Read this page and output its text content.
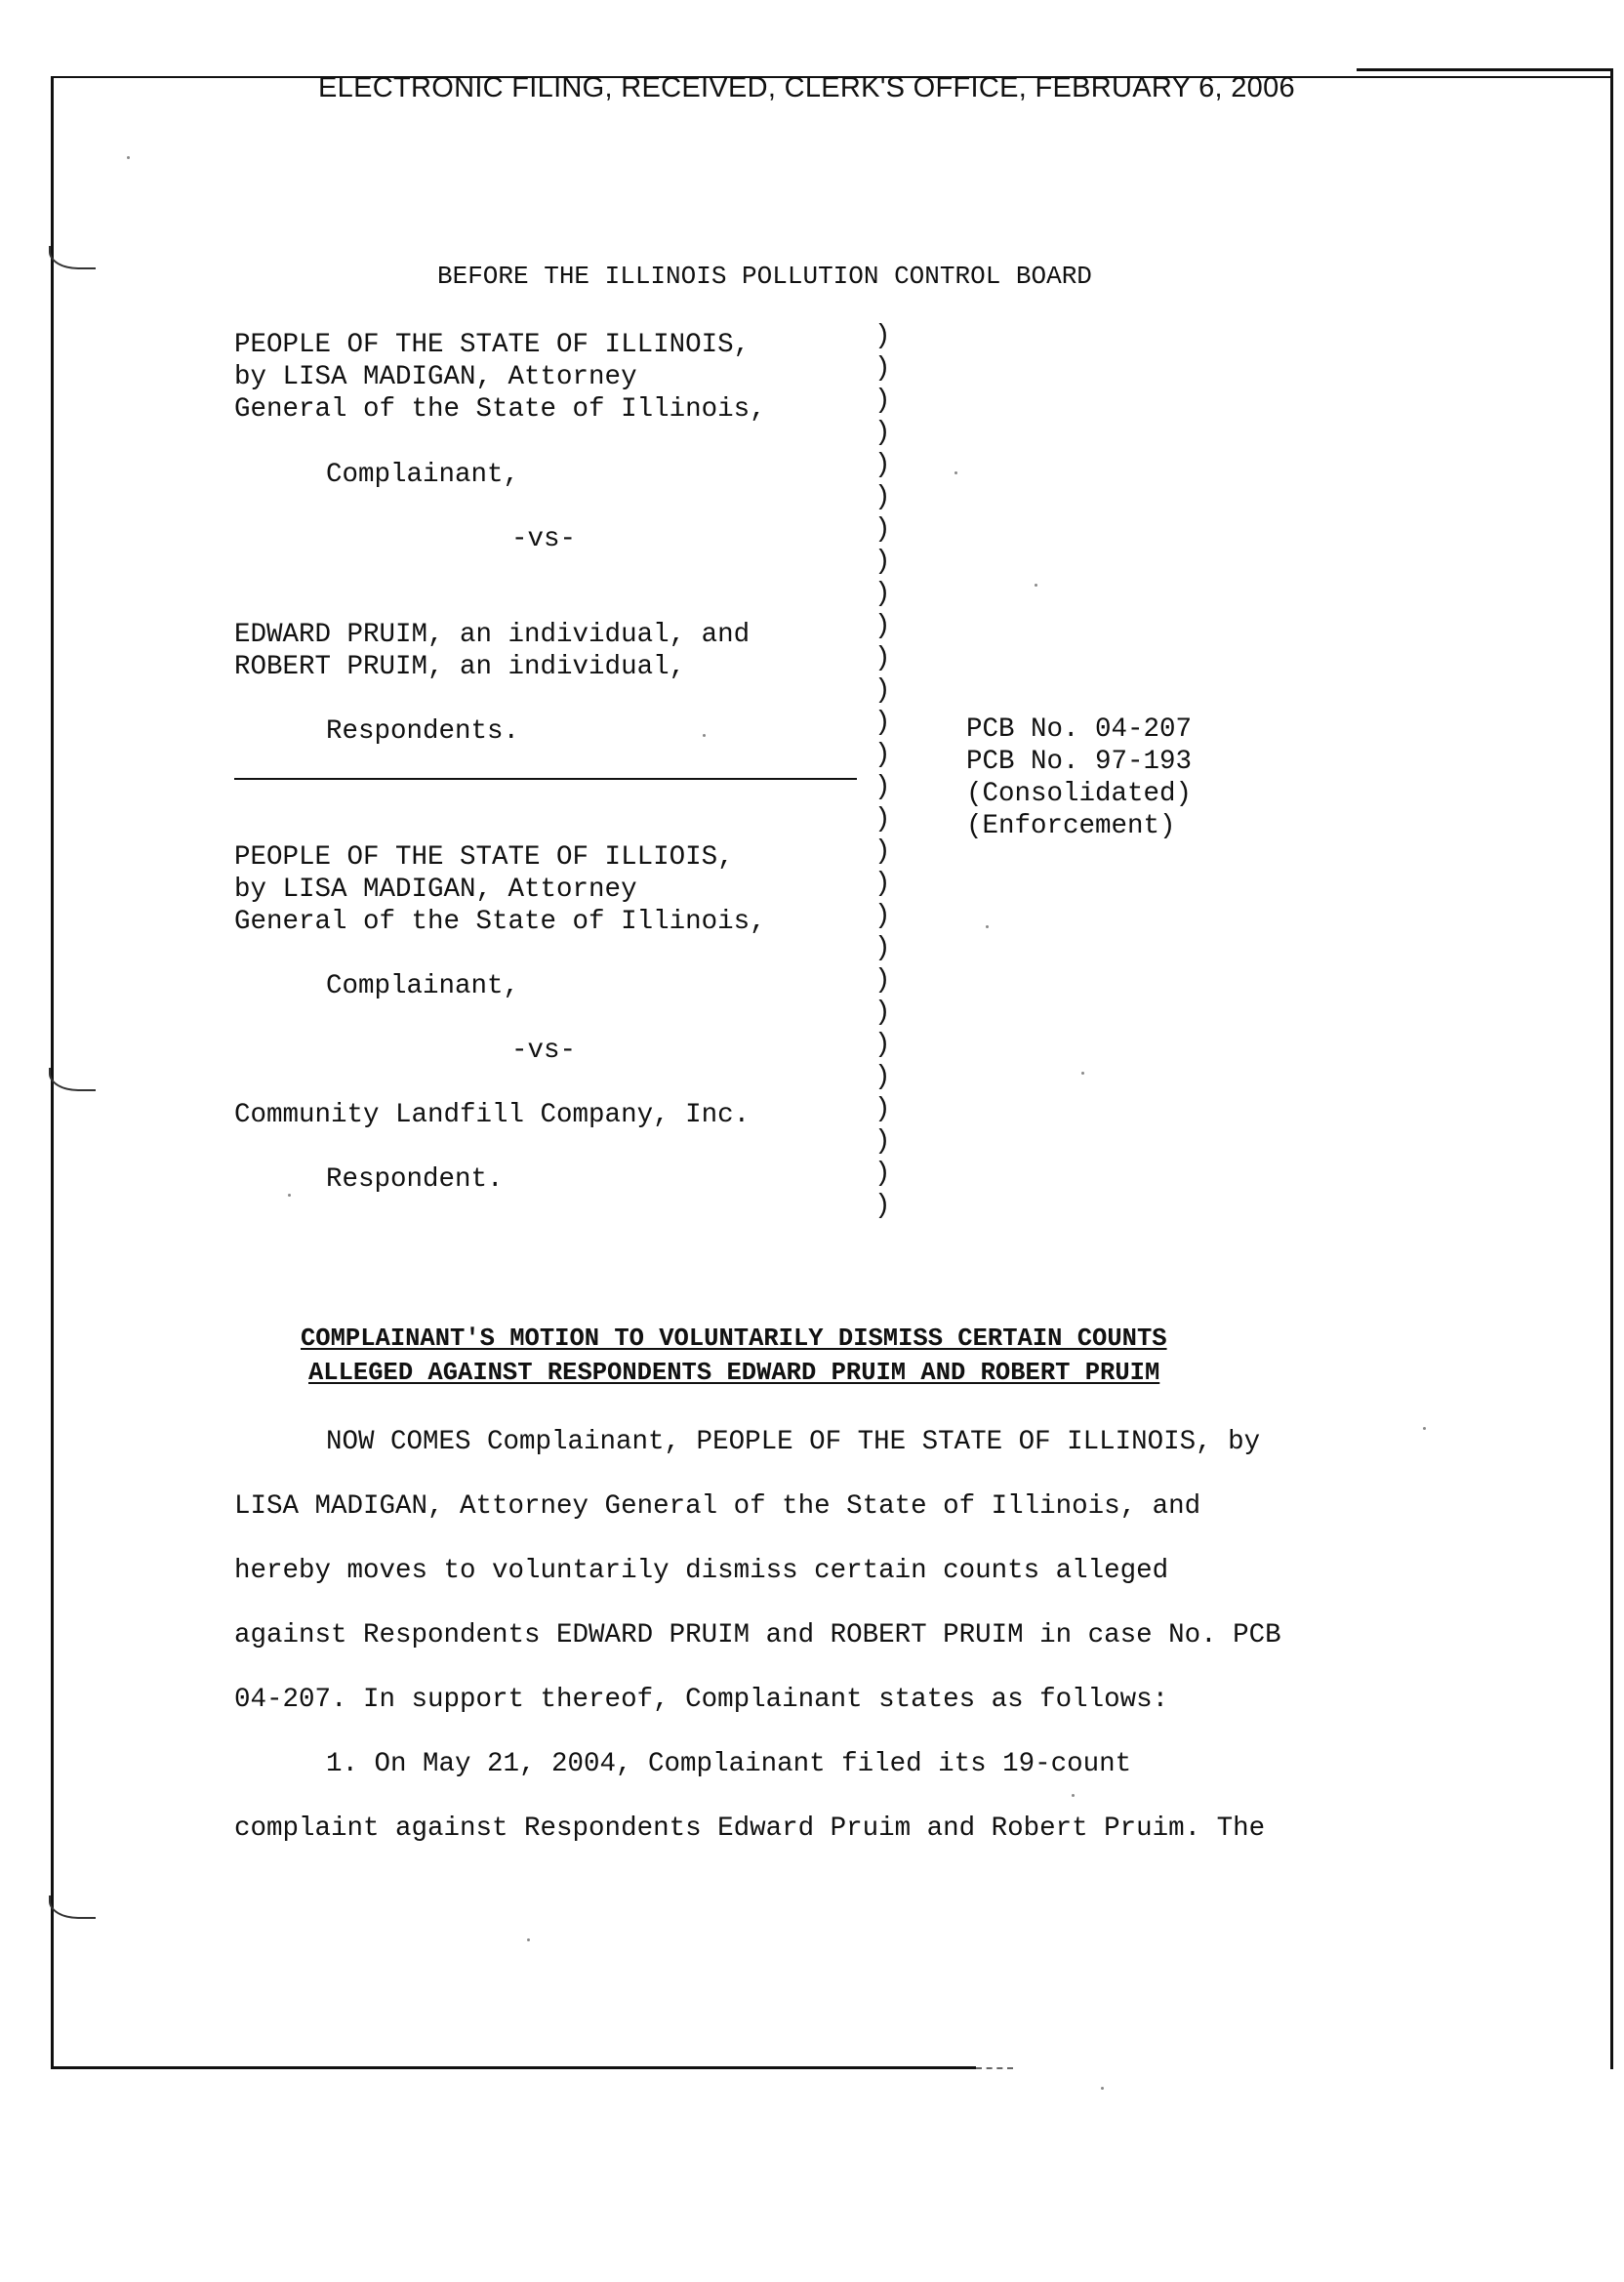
ELECTRONIC FILING, RECEIVED, CLERK'S OFFICE, FEBRUARY 6, 2006
BEFORE THE ILLINOIS POLLUTION CONTROL BOARD
PEOPLE OF THE STATE OF ILLINOIS,
by LISA MADIGAN, Attorney
General of the State of Illinois,
Complainant,
-vs-
EDWARD PRUIM, an individual, and
ROBERT PRUIM, an individual,
Respondents.
PEOPLE OF THE STATE OF ILLIOIS,
by LISA MADIGAN, Attorney
General of the State of Illinois,
Complainant,
-vs-
Community Landfill Company, Inc.
Respondent.
)
)
)
)
)
)
)
)
)
)
)
)
)
)
)
)
)
)
)
)
)
)
)
)
)
)
)
)
PCB No. 04-207
PCB No. 97-193
(Consolidated)
(Enforcement)
COMPLAINANT'S MOTION TO VOLUNTARILY DISMISS CERTAIN COUNTS
ALLEGED AGAINST RESPONDENTS EDWARD PRUIM AND ROBERT PRUIM
NOW COMES Complainant, PEOPLE OF THE STATE OF ILLINOIS, by
LISA MADIGAN, Attorney General of the State of Illinois, and
hereby moves to voluntarily dismiss certain counts alleged
against Respondents EDWARD PRUIM and ROBERT PRUIM in case No. PCB
04-207. In support thereof, Complainant states as follows:
1. On May 21, 2004, Complainant filed its 19-count
complaint against Respondents Edward Pruim and Robert Pruim. The
